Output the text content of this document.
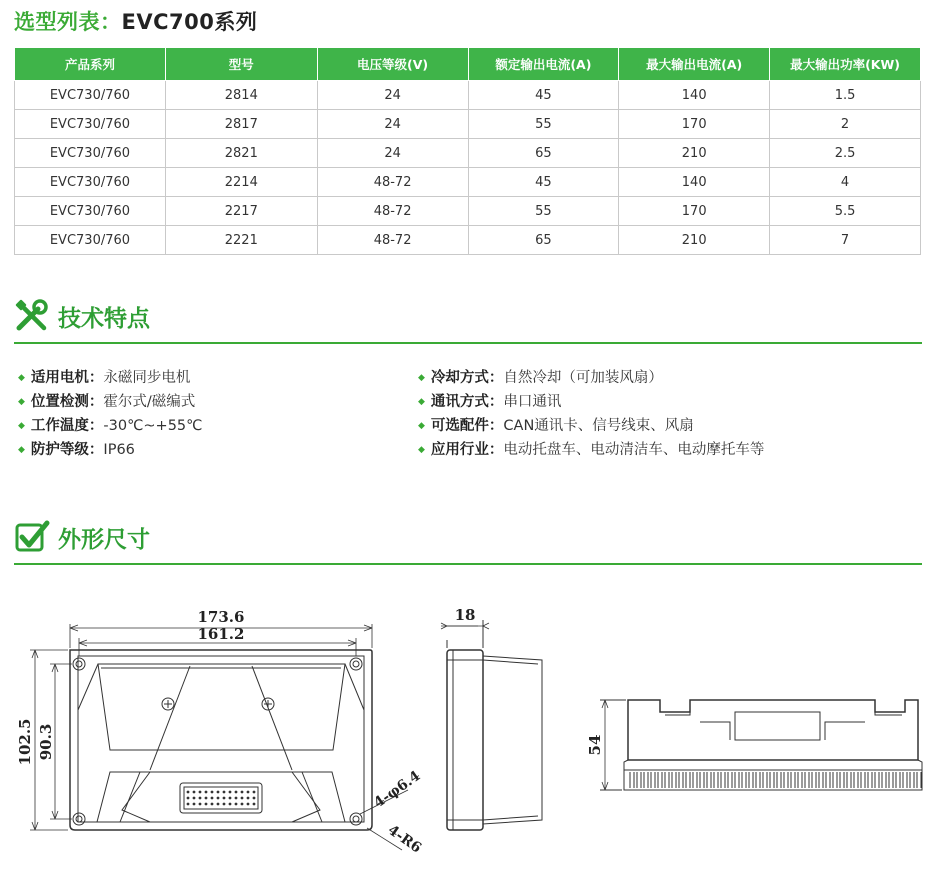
选型列表：EVC700系列
产品系列	型号	电压等级(V)	额定输出电流(A)	最大输出电流(A)	最大输出功率(KW)
EVC730/760	2814	24	45	140	1.5
EVC730/760	2817	24	55	170	2
EVC730/760	2821	24	65	210	2.5
EVC730/760	2214	48-72	45	140	4
EVC730/760	2217	48-72	55	170	5.5
EVC730/760	2221	48-72	65	210	7
技术特点
◆ 适用电机：永磁同步电机
◆ 位置检测：霍尔式/磁编式
◆ 工作温度：-30℃~+55℃
◆ 防护等级：IP66
◆ 冷却方式：自然冷却（可加装风扇）
◆ 通讯方式：串口通讯
◆ 可选配件：CAN通讯卡、信号线束、风扇
◆ 应用行业：电动托盘车、电动清洁车、电动摩托车等
外形尺寸
173.6
161.2
102.5 90.3
4-φ6.4
4-R6
18
54
